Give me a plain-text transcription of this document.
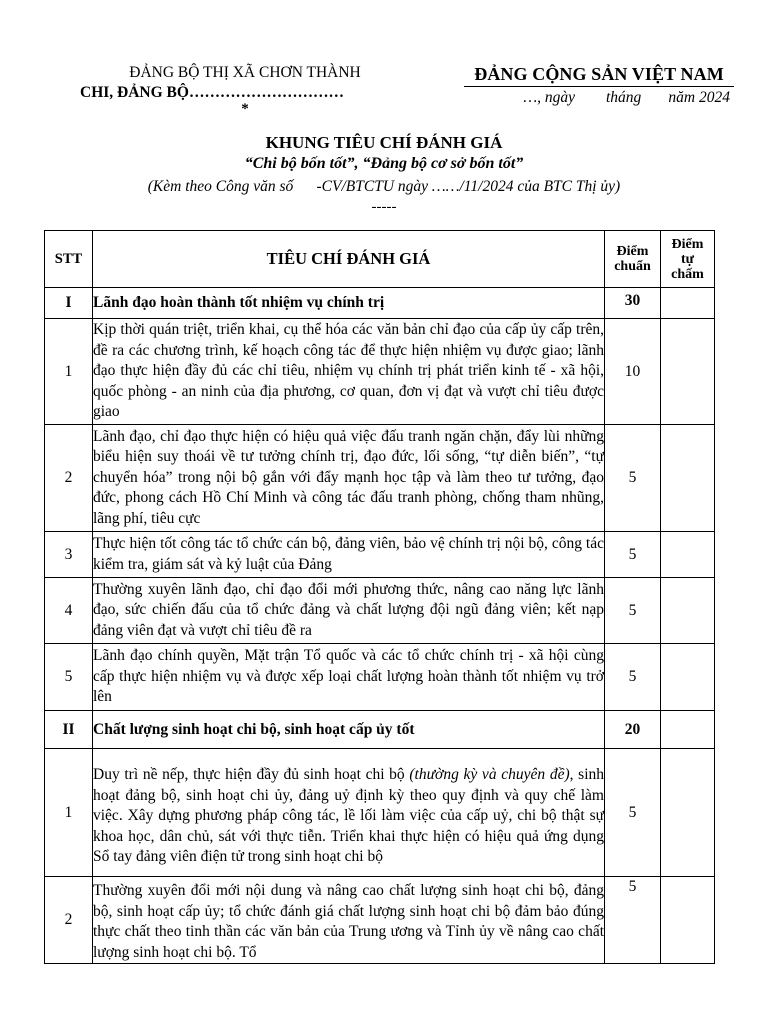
ĐẢNG BỘ THỊ XÃ CHƠN THÀNH
CHI, ĐẢNG BỘ…………………………
*
ĐẢNG CỘNG SẢN VIỆT NAM
…, ngày        tháng       năm 2024
KHUNG TIÊU CHÍ ĐÁNH GIÁ
“Chi bộ bốn tốt”, “Đảng bộ cơ sở bốn tốt”
(Kèm theo Công văn số      -CV/BTCTU ngày ……/11/2024 của BTC Thị ủy)
-----
STT	TIÊU CHÍ ĐÁNH GIÁ	Điểm chuẩn	Điểm tự chấm
I	Lãnh đạo hoàn thành tốt nhiệm vụ chính trị	30	
1	Kịp thời quán triệt, triển khai, cụ thể hóa các văn bản chỉ đạo của cấp ủy cấp trên, đề ra các chương trình, kế hoạch công tác để thực hiện nhiệm vụ được giao; lãnh đạo thực hiện đầy đủ các chỉ tiêu, nhiệm vụ chính trị phát triển kinh tế - xã hội, quốc phòng - an ninh của địa phương, cơ quan, đơn vị đạt và vượt chỉ tiêu được giao	10	
2	Lãnh đạo, chỉ đạo thực hiện có hiệu quả việc đấu tranh ngăn chặn, đẩy lùi những biểu hiện suy thoái về tư tưởng chính trị, đạo đức, lối sống, “tự diễn biến”, “tự chuyển hóa” trong nội bộ gắn với đẩy mạnh học tập và làm theo tư tưởng, đạo đức, phong cách Hồ Chí Minh và công tác đấu tranh phòng, chống tham nhũng, lãng phí, tiêu cực	5	
3	Thực hiện tốt công tác tổ chức cán bộ, đảng viên, bảo vệ chính trị nội bộ, công tác kiểm tra, giám sát và kỷ luật của Đảng	5	
4	Thường xuyên lãnh đạo, chỉ đạo đổi mới phương thức, nâng cao năng lực lãnh đạo, sức chiến đấu của tổ chức đảng và chất lượng đội ngũ đảng viên; kết nạp đảng viên đạt và vượt chỉ tiêu đề ra	5	
5	Lãnh đạo chính quyền, Mặt trận Tổ quốc và các tổ chức chính trị - xã hội cùng cấp thực hiện nhiệm vụ và được xếp loại chất lượng hoàn thành tốt nhiệm vụ trở lên	5	
II	Chất lượng sinh hoạt chi bộ, sinh hoạt cấp ủy tốt	20	
1	Duy trì nề nếp, thực hiện đầy đủ sinh hoạt chi bộ (thường kỳ và chuyên đề), sinh hoạt đảng bộ, sinh hoạt chi ủy, đảng uỷ định kỳ theo quy định và quy chế làm việc. Xây dựng phương pháp công tác, lề lối làm việc của cấp uỷ, chi bộ thật sự khoa học, dân chủ, sát với thực tiễn. Triển khai thực hiện có hiệu quả ứng dụng Sổ tay đảng viên điện tử trong sinh hoạt chi bộ	5	
2	Thường xuyên đổi mới nội dung và nâng cao chất lượng sinh hoạt chi bộ, đảng bộ, sinh hoạt cấp ủy; tổ chức đánh giá chất lượng sinh hoạt chi bộ đảm bảo đúng thực chất theo tinh thần các văn bản của Trung ương và Tỉnh ủy về nâng cao chất lượng sinh hoạt chi bộ. Tổ	5	
